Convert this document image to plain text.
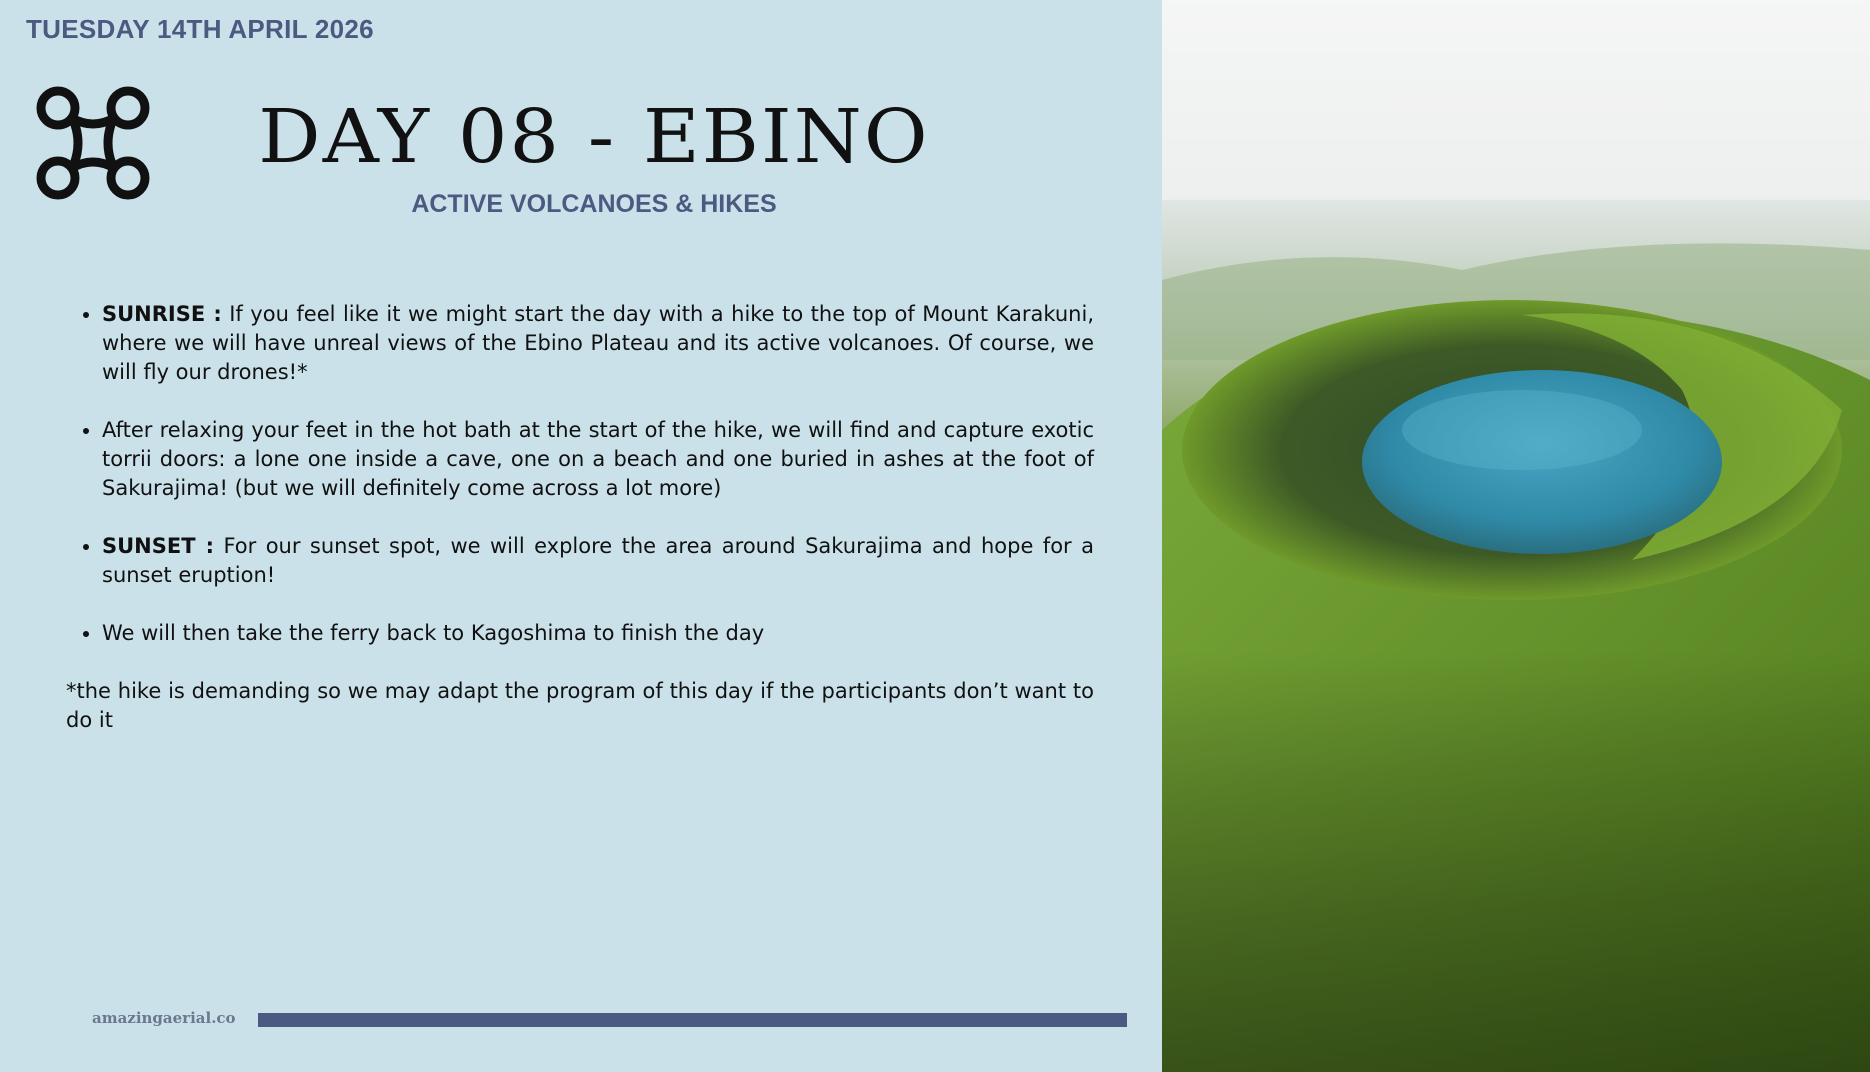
TUESDAY 14TH APRIL 2026
DAY 08 - EBINO
ACTIVE VOLCANOES & HIKES
• SUNRISE : If you feel like it we might start the day with a hike to the top of Mount Karakuni, where we will have unreal views of the Ebino Plateau and its active volcanoes. Of course, we will fly our drones!*
• After relaxing your feet in the hot bath at the start of the hike, we will find and capture exotic torrii doors: a lone one inside a cave, one on a beach and one buried in ashes at the foot of Sakurajima! (but we will definitely come across a lot more)
• SUNSET : For our sunset spot, we will explore the area around Sakurajima and hope for a sunset eruption!
• We will then take the ferry back to Kagoshima to finish the day

*the hike is demanding so we may adapt the program of this day if the participants don’t want to do it

amazingaerial.co
